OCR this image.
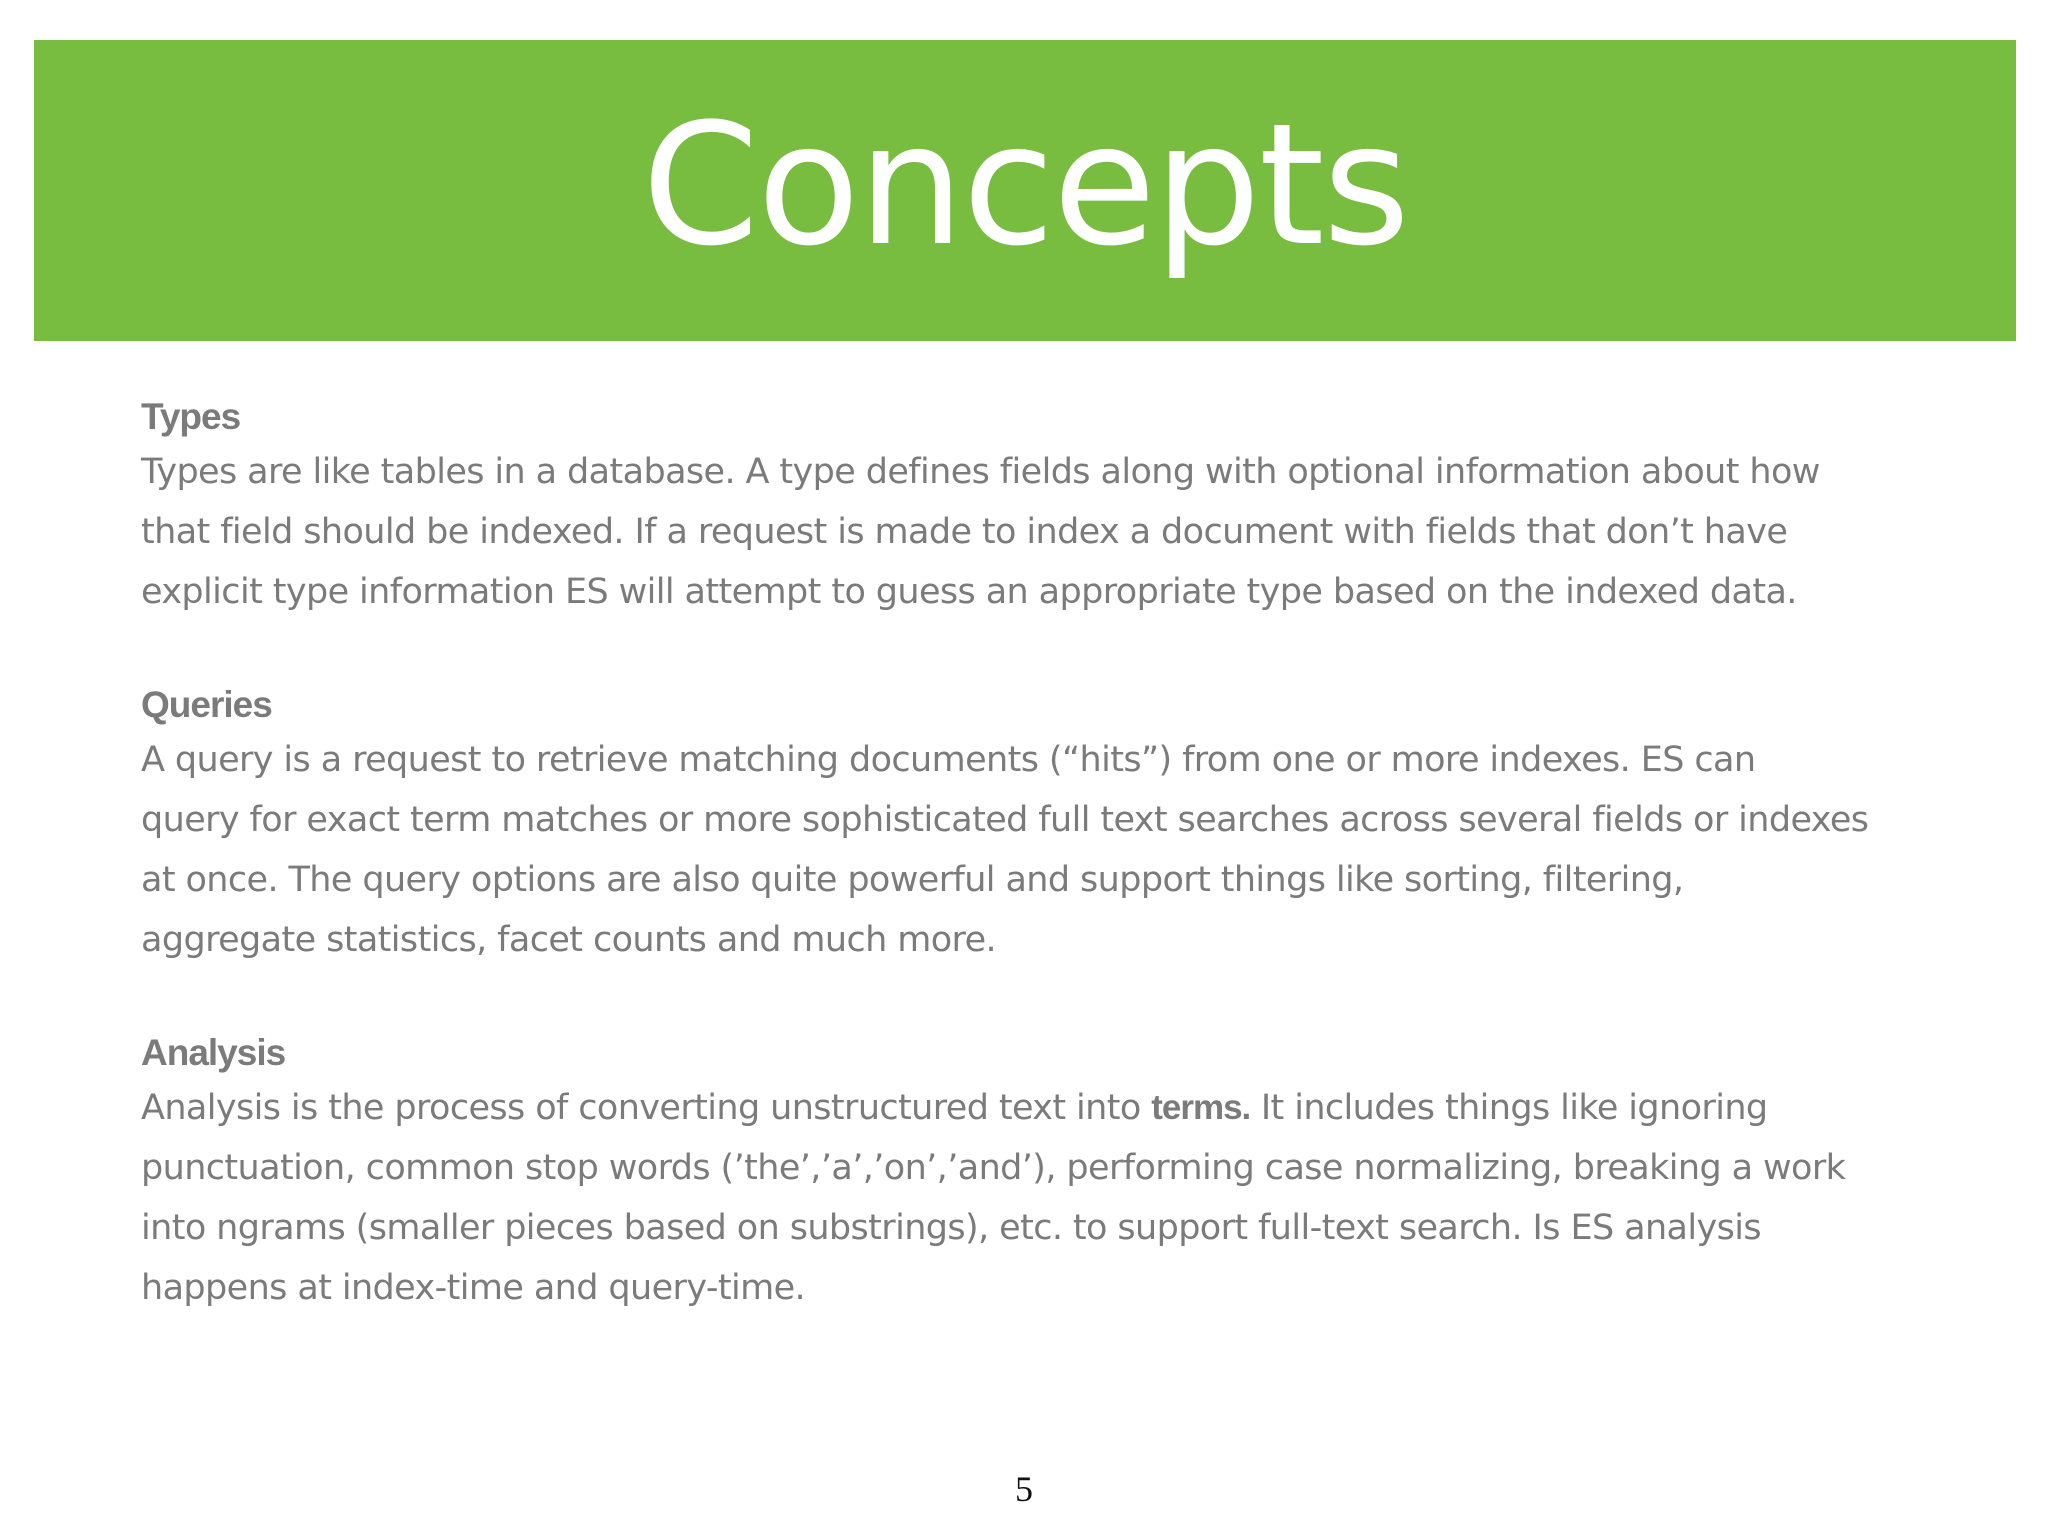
Concepts
Types
Types are like tables in a database. A type defines fields along with optional information about how
that field should be indexed. If a request is made to index a document with fields that don’t have
explicit type information ES will attempt to guess an appropriate type based on the indexed data.
Queries
A query is a request to retrieve matching documents (“hits”) from one or more indexes. ES can
query for exact term matches or more sophisticated full text searches across several fields or indexes
at once. The query options are also quite powerful and support things like sorting, filtering,
aggregate statistics, facet counts and much more.
Analysis
Analysis is the process of converting unstructured text into terms. It includes things like ignoring
punctuation, common stop words (’the’,’a’,’on’,’and’), performing case normalizing, breaking a work
into ngrams (smaller pieces based on substrings), etc. to support full-text search. Is ES analysis
happens at index-time and query-time.
5
